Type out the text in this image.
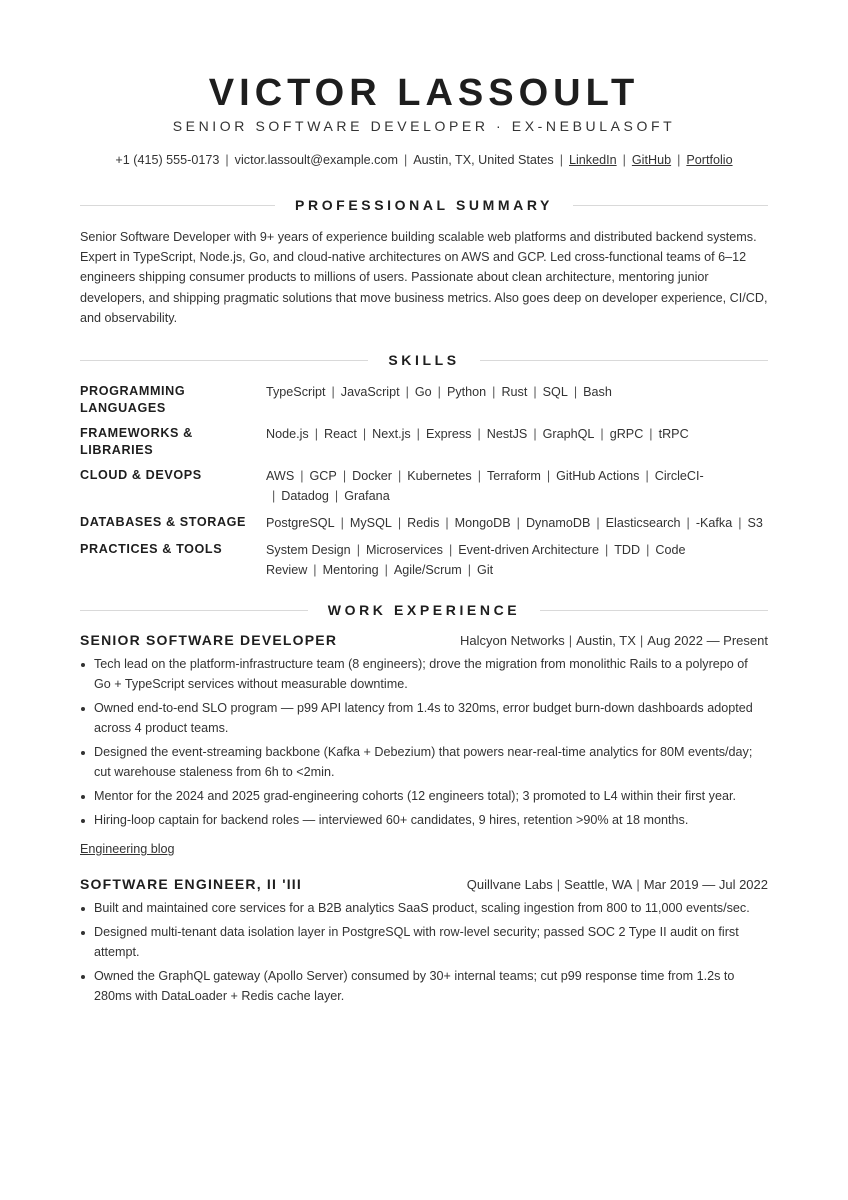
VICTOR LASSOULT
SENIOR SOFTWARE DEVELOPER · EX-NEBULASOFT
+1 (415) 555-0173 | victor.lassoult@example.com | Austin, TX, United States | LinkedIn | GitHub | Portfolio
PROFESSIONAL SUMMARY
Senior Software Developer with 9+ years of experience building scalable web platforms and distributed backend systems. Expert in TypeScript, Node.js, Go, and cloud-native architectures on AWS and GCP. Led cross-functional teams of 6–12 engineers shipping consumer products to millions of users. Passionate about clean architecture, mentoring junior developers, and shipping pragmatic solutions that move business metrics. Also goes deep on developer experience, CI/CD, and observability.
SKILLS
PROGRAMMING LANGUAGES
TypeScript | JavaScript | Go | Python | Rust | SQL | Bash
FRAMEWORKS & LIBRARIES
Node.js | React | Next.js | Express | NestJS | GraphQL | gRPC | tRPC
CLOUD & DEVOPS	AWS | GCP | Docker | Kubernetes | Terraform | GitHub Actions | CircleCI-| Datadog | Grafana
DATABASES & STORAGE	PostgreSQL | MySQL | Redis | MongoDB | DynamoDB | Elasticsearch | -Kafka | S3
PRACTICES & TOOLS	System Design | Microservices | Event-driven Architecture | TDD | Code Review | Mentoring | Agile/Scrum | Git
WORK EXPERIENCE
SENIOR SOFTWARE DEVELOPER	Halcyon Networks | Austin, TX | Aug 2022 — Present
Tech lead on the platform-infrastructure team (8 engineers); drove the migration from monolithic Rails to a polyrepo of Go + TypeScript services without measurable downtime.
Owned end-to-end SLO program — p99 API latency from 1.4s to 320ms, error budget burn-down dashboards adopted across 4 product teams.
Designed the event-streaming backbone (Kafka + Debezium) that powers near-real-time analytics for 80M events/day; cut warehouse staleness from 6h to <2min.
Mentor for the 2024 and 2025 grad-engineering cohorts (12 engineers total); 3 promoted to L4 within their first year.
Hiring-loop captain for backend roles — interviewed 60+ candidates, 9 hires, retention >90% at 18 months.
Engineering blog
SOFTWARE ENGINEER, II 'III	Quillvane Labs | Seattle, WA | Mar 2019 — Jul 2022
Built and maintained core services for a B2B analytics SaaS product, scaling ingestion from 800 to 11,000 events/sec.
Designed multi-tenant data isolation layer in PostgreSQL with row-level security; passed SOC 2 Type II audit on first attempt.
Owned the GraphQL gateway (Apollo Server) consumed by 30+ internal teams; cut p99 response time from 1.2s to 280ms with DataLoader + Redis cache layer.
